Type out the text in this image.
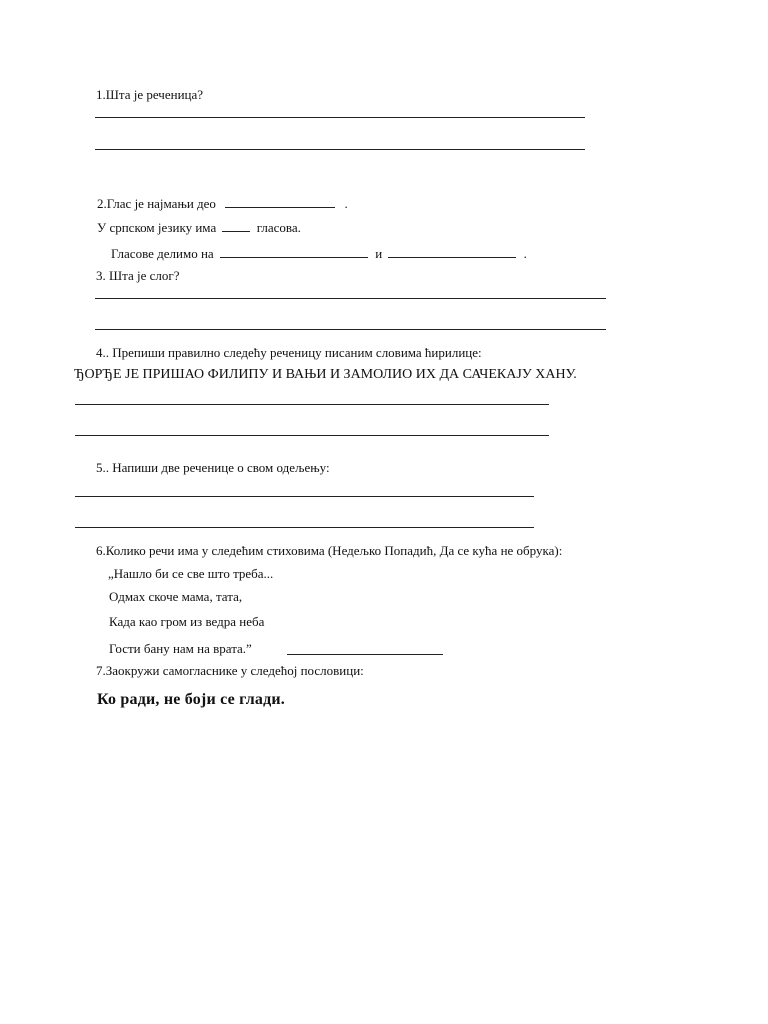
1.Шта је реченица?
2.Глас је најмањи део	.
У српском језику има	гласова.
Гласове делимо на	и	.
3. Шта је слог?
4.. Препиши правилно следећу реченицу писаним словима ћирилице:
ЂОРЂЕ ЈЕ ПРИШАО ФИЛИПУ И ВАЊИ И ЗАМОЛИО ИХ ДА САЧЕКАЈУ ХАНУ.
5.. Напиши две реченице о свом одељењу:
6.Колико речи има у следећим стиховима (Недељко Попадић, Да се кућа не обрука):
„Нашло би се све што треба...
Одмах скоче мама, тата,
Када као гром из ведра неба
Гости бану нам на врата.”
7.Заокружи самогласнике у следећој пословици:
Ко ради, не боји се глади.
